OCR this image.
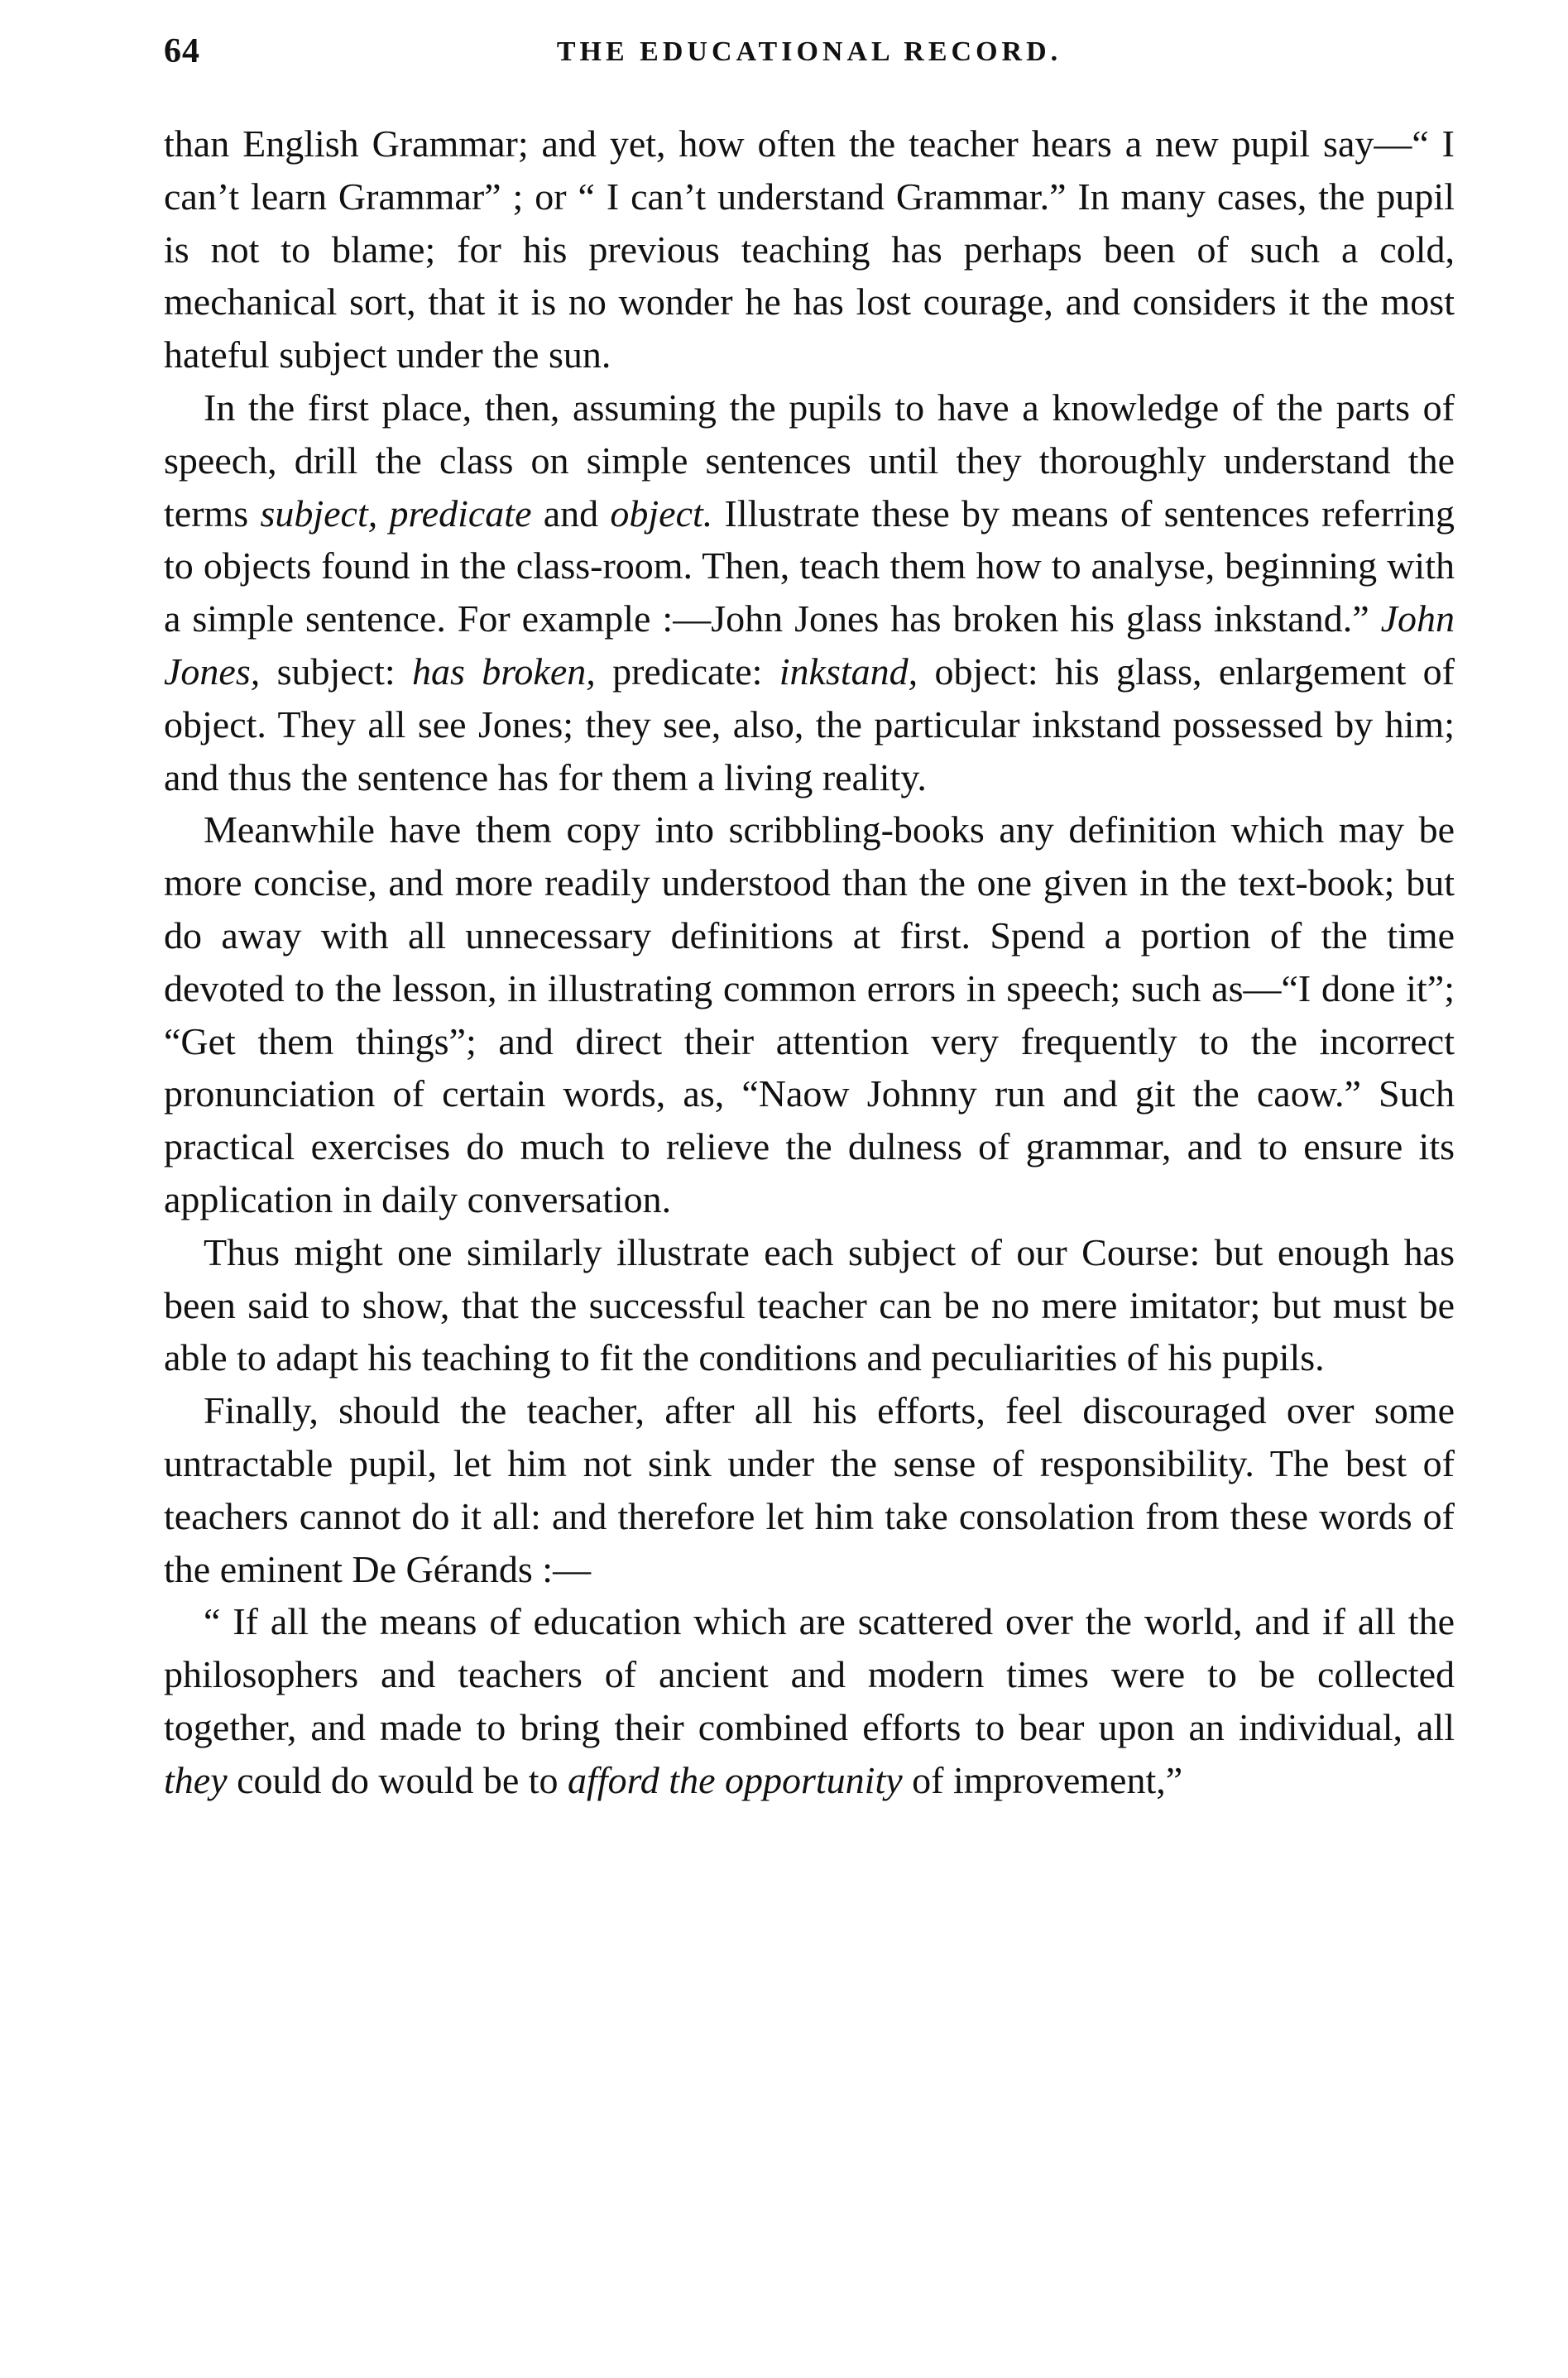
64	THE EDUCATIONAL RECORD.

than English Grammar; and yet, how often the teacher hears a new pupil say—“ I can’t learn Grammar” ; or “ I can’t understand Grammar.” In many cases, the pupil is not to blame; for his previous teaching has perhaps been of such a cold, mechanical sort, that it is no wonder he has lost courage, and considers it the most hateful subject under the sun.

In the first place, then, assuming the pupils to have a knowledge of the parts of speech, drill the class on simple sentences until they thoroughly understand the terms subject, predicate and object. Illustrate these by means of sentences referring to objects found in the class-room. Then, teach them how to analyse, beginning with a simple sentence. For example :—John Jones has broken his glass inkstand.” John Jones, subject: has broken, predicate: inkstand, object: his glass, enlargement of object. They all see Jones; they see, also, the particular inkstand possessed by him; and thus the sentence has for them a living reality.

Meanwhile have them copy into scribbling-books any definition which may be more concise, and more readily understood than the one given in the text-book; but do away with all unnecessary definitions at first. Spend a portion of the time devoted to the lesson, in illustrating common errors in speech; such as—“I done it”; “Get them things”; and direct their attention very frequently to the incorrect pronunciation of certain words, as, “Naow Johnny run and git the caow.” Such practical exercises do much to relieve the dulness of grammar, and to ensure its application in daily conversation.

Thus might one similarly illustrate each subject of our Course: but enough has been said to show, that the successful teacher can be no mere imitator; but must be able to adapt his teaching to fit the conditions and peculiarities of his pupils.

Finally, should the teacher, after all his efforts, feel discouraged over some untractable pupil, let him not sink under the sense of responsibility. The best of teachers cannot do it all: and therefore let him take consolation from these words of the eminent De Gérands :—

“ If all the means of education which are scattered over the world, and if all the philosophers and teachers of ancient and modern times were to be collected together, and made to bring their combined efforts to bear upon an individual, all they could do would be to afford the opportunity of improvement,”
